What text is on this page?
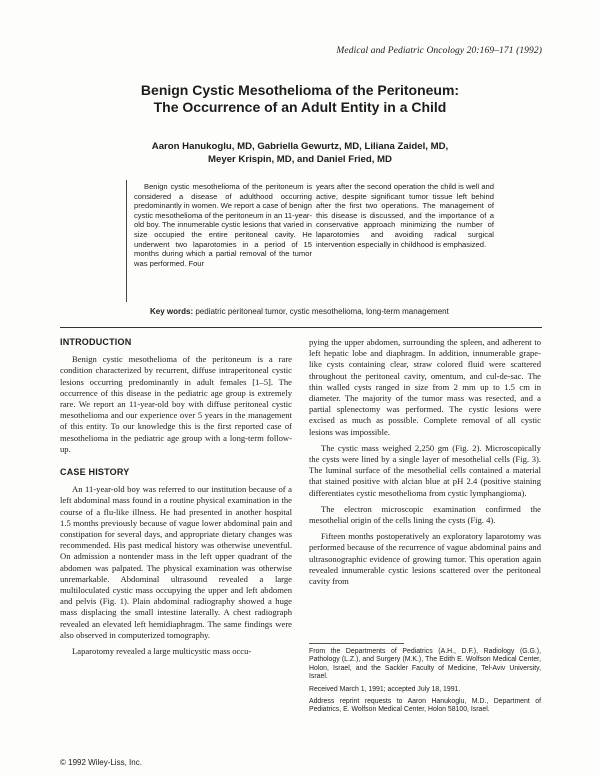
Medical and Pediatric Oncology 20:169–171 (1992)
Benign Cystic Mesothelioma of the Peritoneum:
The Occurrence of an Adult Entity in a Child
Aaron Hanukoglu, MD, Gabriella Gewurtz, MD, Liliana Zaidel, MD,
Meyer Krispin, MD, and Daniel Fried, MD
Benign cystic mesothelioma of the peritoneum is considered a disease of adulthood occurring predominantly in women. We report a case of benign cystic mesothelioma of the peritoneum in an 11-year-old boy. The innumerable cystic lesions that varied in size occupied the entire peritoneal cavity. He underwent two laparotomies in a period of 15 months during which a partial removal of the tumor was performed. Four
years after the second operation the child is well and active, despite significant tumor tissue left behind after the first two operations. The management of this disease is discussed, and the importance of a conservative approach minimizing the number of laparotomies and avoiding radical surgical intervention especially in childhood is emphasized.
Key words: pediatric peritoneal tumor, cystic mesothelioma, long-term management
INTRODUCTION

Benign cystic mesothelioma of the peritoneum is a rare condition characterized by recurrent, diffuse intraperitoneal cystic lesions occurring predominantly in adult females [1–5]. The occurrence of this disease in the pediatric age group is extremely rare. We report an 11-year-old boy with diffuse peritoneal cystic mesothelioma and our experience over 5 years in the management of this entity. To our knowledge this is the first reported case of mesothelioma in the pediatric age group with a long-term follow-up.

CASE HISTORY

An 11-year-old boy was referred to our institution because of a left abdominal mass found in a routine physical examination in the course of a flu-like illness. He had presented in another hospital 1.5 months previously because of vague lower abdominal pain and constipation for several days, and appropriate dietary changes was recommended. His past medical history was otherwise uneventful. On admission a nontender mass in the left upper quadrant of the abdomen was palpated. The physical examination was otherwise unremarkable. Abdominal ultrasound revealed a large multiloculated cystic mass occupying the upper and left abdomen and pelvis (Fig. 1). Plain abdominal radiography showed a huge mass displacing the small intestine laterally. A chest radiograph revealed an elevated left hemidiaphragm. The same findings were also observed in computerized tomography.

Laparotomy revealed a large multicystic mass occu-

pying the upper abdomen, surrounding the spleen, and adherent to left hepatic lobe and diaphragm. In addition, innumerable grape-like cysts containing clear, straw colored fluid were scattered throughout the peritoneal cavity, omentum, and cul-de-sac. The thin walled cysts ranged in size from 2 mm up to 1.5 cm in diameter. The majority of the tumor mass was resected, and a partial splenectomy was performed. The cystic lesions were excised as much as possible. Complete removal of all cystic lesions was impossible.

The cystic mass weighed 2,250 gm (Fig. 2). Microscopically the cysts were lined by a single layer of mesothelial cells (Fig. 3). The luminal surface of the mesothelial cells contained a material that stained positive with alcian blue at pH 2.4 (positive staining differentiates cystic mesothelioma from cystic lymphangioma).

The electron microscopic examination confirmed the mesothelial origin of the cells lining the cysts (Fig. 4).

Fifteen months postoperatively an exploratory laparotomy was performed because of the recurrence of vague abdominal pains and ultrasonographic evidence of growing tumor. This operation again revealed innumerable cystic lesions scattered over the peritoneal cavity from

From the Departments of Pediatrics (A.H., D.F.), Radiology (G.G.), Pathology (L.Z.), and Surgery (M.K.), The Edith E. Wolfson Medical Center, Holon, Israel, and the Sackler Faculty of Medicine, Tel-Aviv University, Israel.

Received March 1, 1991; accepted July 18, 1991.

Address reprint requests to Aaron Hanukoglu, M.D., Department of Pediatrics, E. Wolfson Medical Center, Holon 58100, Israel.

© 1992 Wiley-Liss, Inc.
